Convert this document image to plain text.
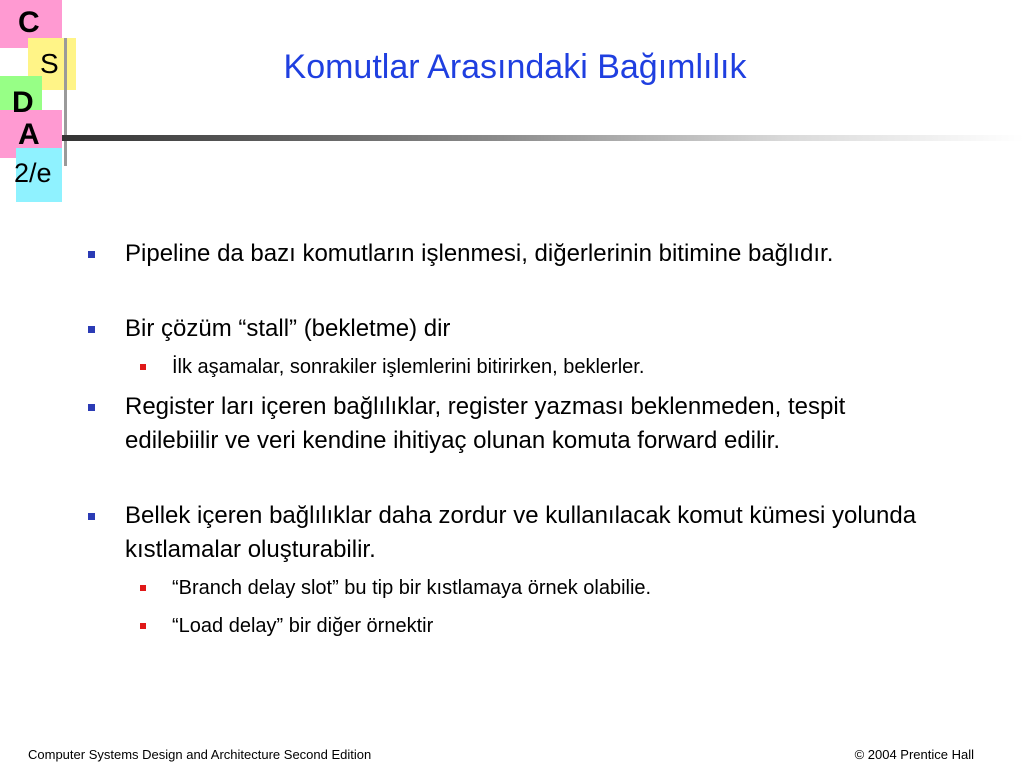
C
S
D
A
2/e
Komutlar Arasındaki Bağımlılık
Pipeline da bazı komutların işlenmesi, diğerlerinin bitimine bağlıdır.
Bir çözüm “stall” (bekletme) dir
İlk aşamalar, sonrakiler işlemlerini bitirirken, beklerler.
Register ları içeren bağlılıklar, register yazması beklenmeden, tespit edilebiilir ve veri kendine ihitiyaç olunan komuta forward edilir.
Bellek içeren bağlılıklar daha zordur ve kullanılacak komut kümesi yolunda kıstlamalar oluşturabilir.
“Branch delay slot” bu tip bir kıstlamaya örnek olabilie.
“Load delay” bir diğer örnektir
Computer Systems Design and Architecture Second Edition	© 2004 Prentice Hall
